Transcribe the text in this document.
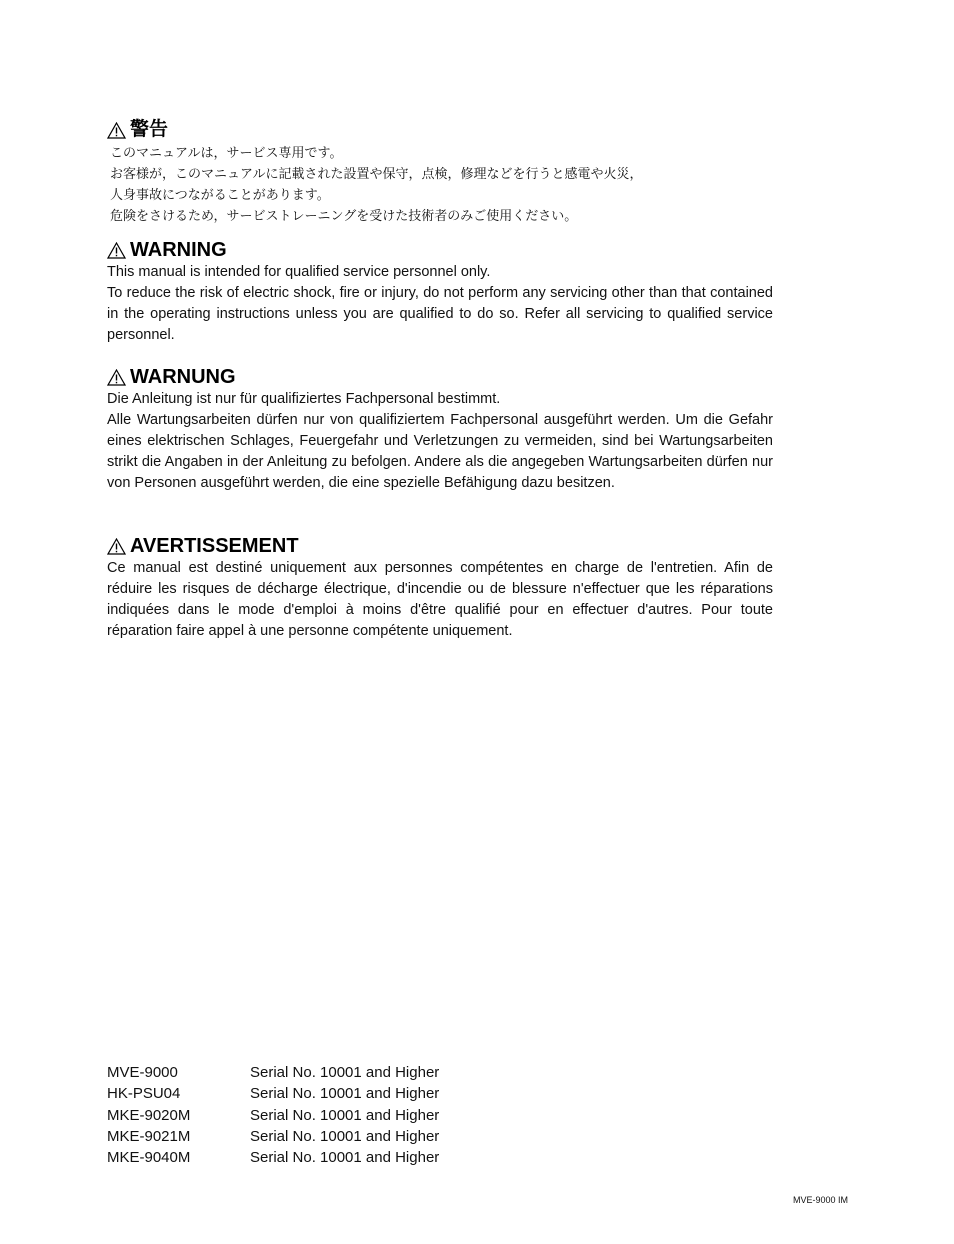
警告

このマニュアルは，サービス専用です。

お客様が，このマニュアルに記載された設置や保守，点検，修理などを行うと感電や火災，

人身事故につながることがあります。

危険をさけるため，サービストレーニングを受けた技術者のみご使用ください。

WARNING

This manual is intended for qualified service personnel only.

To reduce the risk of electric shock, fire or injury, do not perform any servicing other than that contained in the operating instructions unless you are qualified to do so. Refer all servicing to qualified service personnel.

WARNUNG

Die Anleitung ist nur für qualifiziertes Fachpersonal bestimmt.

Alle Wartungsarbeiten dürfen nur von qualifiziertem Fachpersonal ausgeführt werden. Um die Gefahr eines elektrischen Schlages, Feuergefahr und Verletzungen zu vermeiden, sind bei Wartungsarbeiten strikt die Angaben in der Anleitung zu befolgen. Andere als die angegeben Wartungsarbeiten dürfen nur von Personen ausgeführt werden, die eine spezielle Befähigung dazu besitzen.

AVERTISSEMENT

Ce manual est destiné uniquement aux personnes compétentes en charge de l'entretien. Afin de réduire les risques de décharge électrique, d'incendie ou de blessure n'effectuer que les réparations indiquées dans le mode d'emploi à moins d'être qualifié pour en effectuer d'autres. Pour toute réparation faire appel à une personne compétente uniquement.

MVE-9000	Serial No. 10001 and Higher
HK-PSU04	Serial No. 10001 and Higher
MKE-9020M	Serial No. 10001 and Higher
MKE-9021M	Serial No. 10001 and Higher
MKE-9040M	Serial No. 10001 and Higher
MVE-9000 IM
